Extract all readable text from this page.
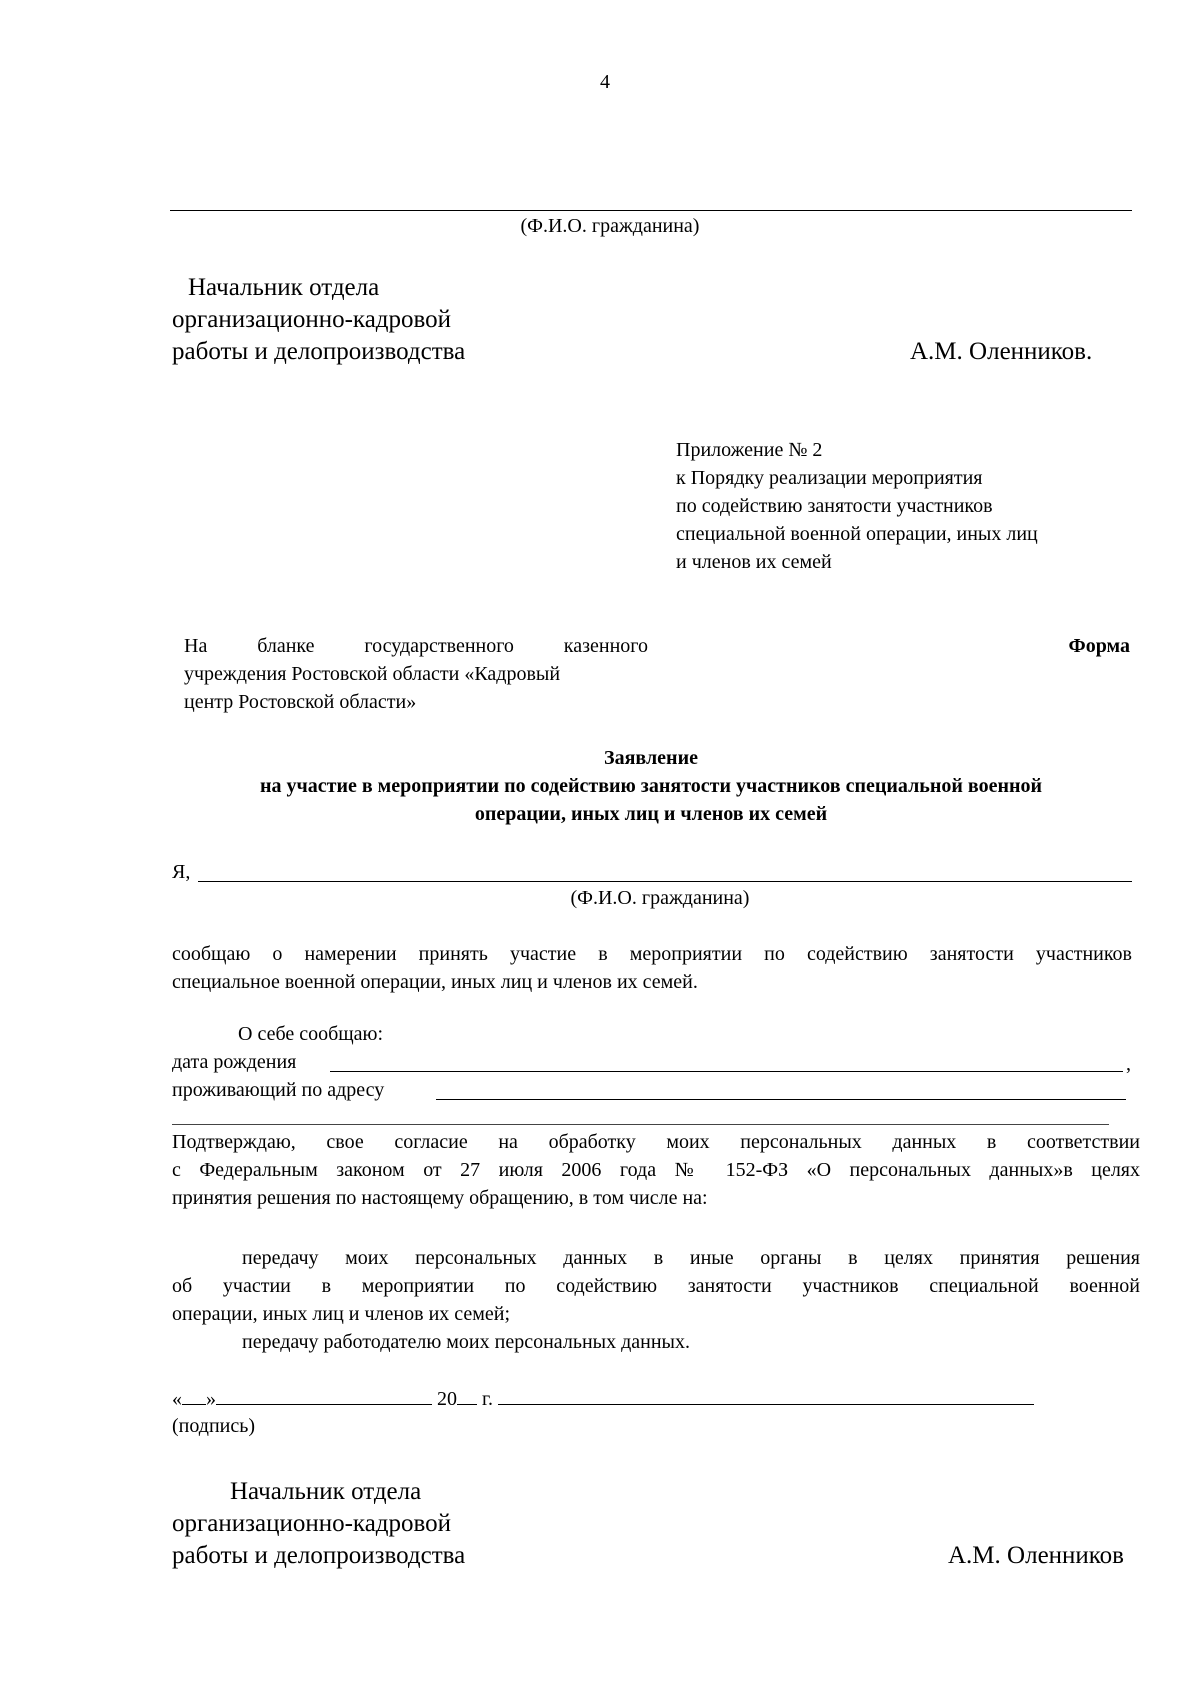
4
(Ф.И.О. гражданина)
Начальник отдела
организационно-кадровой
работы и делопроизводства	А.М. Оленников.
Приложение № 2
к Порядку реализации мероприятия
по содействию занятости участников
специальной военной операции, иных лиц
и членов их семей
На бланке государственного казенного
учреждения Ростовской области «Кадровый
центр Ростовской области»
Форма
Заявление
на участие в мероприятии по содействию занятости участников специальной военной
операции, иных лиц и членов их семей
Я,
(Ф.И.О. гражданина)
сообщаю о намерении принять участие в мероприятии по содействию занятости участников
специальное военной операции, иных лиц и членов их семей.
О себе сообщаю:
дата рождения	,
проживающий по адресу
Подтверждаю, свое согласие на обработку моих персональных данных в соответствии
с Федеральным законом от 27 июля 2006 года № 152-ФЗ «О персональных данных»в целях
принятия решения по настоящему обращению, в том числе на:
передачу моих персональных данных в иные органы в целях принятия решения
об участии в мероприятии по содействию занятости участников специальной военной
операции, иных лиц и членов их семей;
передачу работодателю моих персональных данных.
« »	20 г.
(подпись)
Начальник отдела
организационно-кадровой
работы и делопроизводства	А.М. Оленников
